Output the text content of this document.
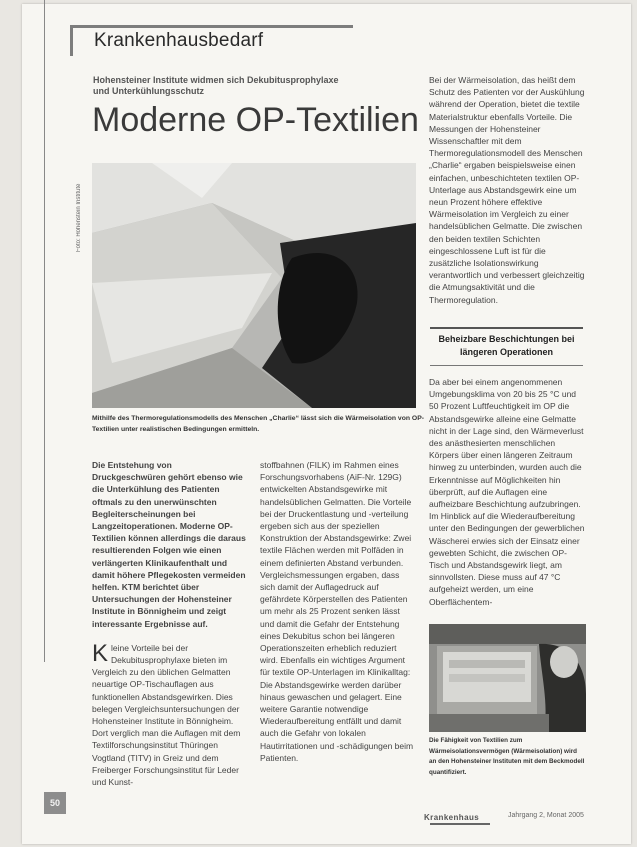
Krankenhausbedarf
Hohensteiner Institute widmen sich Dekubitusprophylaxe und Unterkühlungsschutz
Moderne OP-Textilien
Foto: Hohenstein Institute
Mithilfe des Thermoregulationsmodells des Menschen „Charlie“ lässt sich die Wärmeisolation von OP-Textilien unter realistischen Bedingungen ermitteln.

Die Entstehung von Druckgeschwüren gehört ebenso wie die Unterkühlung des Patienten oftmals zu den unerwünschten Begleiterscheinungen bei Langzeitoperationen. Moderne OP-Textilien können allerdings die daraus resultierenden Folgen wie einen verlängerten Klinikaufenthalt und damit höhere Pflegekosten vermeiden helfen. KTM berichtet über Untersuchungen der Hohensteiner Institute in Bönnigheim und zeigt interessante Ergebnisse auf.

Kleine Vorteile bei der Dekubitusprophylaxe bieten im Vergleich zu den üblichen Gelmatten neuartige OP-Tischauflagen aus funktionellen Abstandsgewirken. Dies belegen Vergleichsuntersuchungen der Hohensteiner Institute in Bönnigheim. Dort verglich man die Auflagen mit dem Textilforschungsinstitut Thüringen Vogtland (TITV) in Greiz und dem Freiberger Forschungsinstitut für Leder und Kunst-

stoffbahnen (FILK) im Rahmen eines Forschungsvorhabens (AiF-Nr. 129G) entwickelten Abstandsgewirke mit handelsüblichen Gelmatten. Die Vorteile bei der Druckentlastung und -verteilung ergeben sich aus der speziellen Konstruktion der Abstandsgewirke: Zwei textile Flächen werden mit Polfäden in einem definierten Abstand verbunden. Vergleichsmessungen ergaben, dass sich damit der Auflagedruck auf gefährdete Körperstellen des Patienten um mehr als 25 Prozent senken lässt und damit die Gefahr der Entstehung eines Dekubitus schon bei längeren Operationszeiten erheblich reduziert wird. Ebenfalls ein wichtiges Argument für textile OP-Unterlagen im Klinikalltag: Die Abstandsgewirke werden darüber hinaus gewaschen und gelagert. Eine weitere Garantie notwendige Wiederaufbereitung entfällt und damit auch die Gefahr von lokalen Hautirritationen und -schädigungen beim Patienten.

Bei der Wärmeisolation, das heißt dem Schutz des Patienten vor der Auskühlung während der Operation, bietet die textile Materialstruktur ebenfalls Vorteile. Die Messungen der Hohensteiner Wissenschaftler mit dem Thermoregulationsmodell des Menschen „Charlie“ ergaben beispielsweise einen einfachen, unbeschichteten textilen OP-Unterlage aus Abstandsgewirk eine um neun Prozent höhere effektive Wärmeisolation im Vergleich zu einer handelsüblichen Gelmatte. Die zwischen den beiden textilen Schichten eingeschlossene Luft ist für die zusätzliche Isolationswirkung verantwortlich und verbessert gleichzeitig die Atmungsaktivität und die Thermoregulation.

Beheizbare Beschichtungen bei längeren Operationen

Da aber bei einem angenommenen Umgebungsklima von 20 bis 25 °C und 50 Prozent Luftfeuchtigkeit im OP die Abstandsgewirke alleine eine Gelmatte nicht in der Lage sind, den Wärmeverlust des anästhesierten menschlichen Körpers über einen längeren Zeitraum hinweg zu unterbinden, wurden auch die Erkenntnisse auf Möglichkeiten hin überprüft, auf die Auflagen eine aufheizbare Beschichtung aufzubringen. Im Hinblick auf die Wiederaufbereitung unter den Bedingungen der gewerblichen Wäscherei erwies sich der Einsatz einer gewebten Schicht, die zwischen OP-Tisch und Abstandsgewirk liegt, am sinnvollsten. Diese muss auf 47 °C aufgeheizt werden, um eine Oberflächentem-

Die Fähigkeit von Textilien zum Wärmeisolationsvermögen (Wärmeisolation) wird an den Hohensteiner Instituten mit dem Beckmodell quantifiziert.
50
Krankenhaus	Jahrgang 2, Monat 2005
